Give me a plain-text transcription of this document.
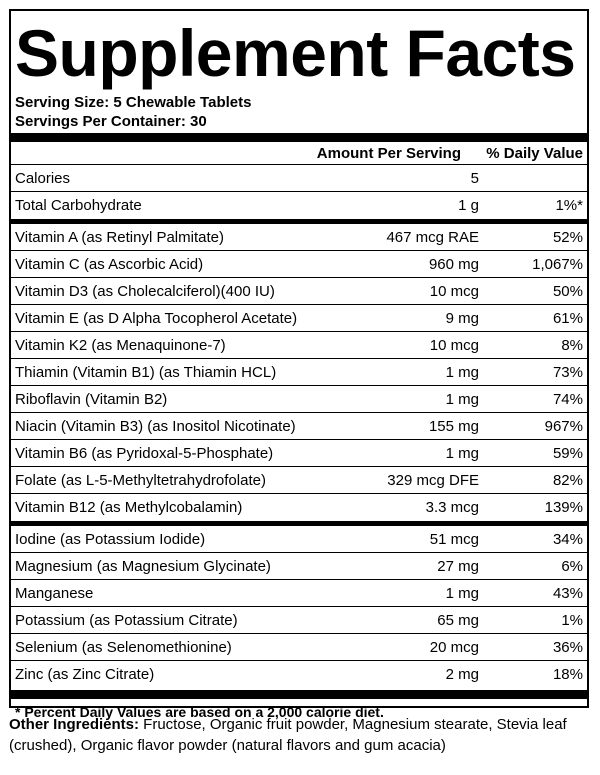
Supplement Facts
Serving Size: 5 Chewable Tablets
Servings Per Container: 30
Amount Per Serving	% Daily Value
Calories	5
Total Carbohydrate	1 g	1%*
Vitamin A (as Retinyl Palmitate)	467 mcg RAE	52%
Vitamin C (as Ascorbic Acid)	960 mg	1,067%
Vitamin D3 (as Cholecalciferol)(400 IU)	10 mcg	50%
Vitamin E (as D Alpha Tocopherol Acetate)	9 mg	61%
Vitamin K2 (as Menaquinone-7)	10 mcg	8%
Thiamin (Vitamin B1) (as Thiamin HCL)	1 mg	73%
Riboflavin (Vitamin B2)	1 mg	74%
Niacin (Vitamin B3) (as Inositol Nicotinate)	155 mg	967%
Vitamin B6 (as Pyridoxal-5-Phosphate)	1 mg	59%
Folate (as L-5-Methyltetrahydrofolate)	329 mcg DFE	82%
Vitamin B12 (as Methylcobalamin)	3.3 mcg	139%
Iodine (as Potassium Iodide)	51 mcg	34%
Magnesium (as Magnesium Glycinate)	27 mg	6%
Manganese	1 mg	43%
Potassium (as Potassium Citrate)	65 mg	1%
Selenium (as Selenomethionine)	20 mcg	36%
Zinc (as Zinc Citrate)	2 mg	18%
* Percent Daily Values are based on a 2,000 calorie diet.
Other Ingredients: Fructose, Organic fruit powder, Magnesium stearate, Stevia leaf (crushed), Organic flavor powder (natural flavors and gum acacia)
